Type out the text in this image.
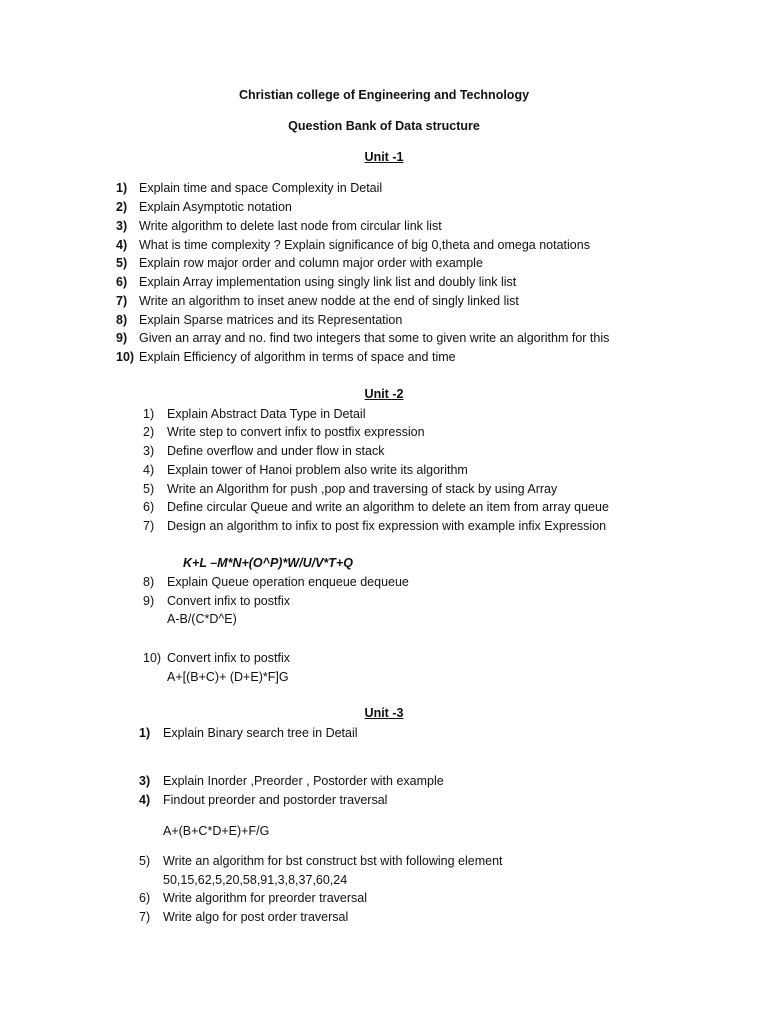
Christian college of Engineering and Technology
Question Bank of Data structure
Unit -1
1) Explain time and space Complexity in Detail
2) Explain Asymptotic notation
3) Write algorithm to delete last node from circular link list
4) What is time complexity ? Explain significance of big 0,theta and omega notations
5) Explain row major order and column major order with example
6) Explain Array implementation using singly link list and doubly link list
7) Write an algorithm to inset anew nodde at the end of singly linked list
8) Explain Sparse matrices and its Representation
9) Given an array and no. find two integers that some to given write an algorithm for this
10) Explain Efficiency of algorithm in terms of space and time
Unit -2
1) Explain Abstract Data Type in Detail
2) Write step to convert infix to postfix expression
3) Define overflow and under flow in stack
4) Explain tower of Hanoi problem also write its algorithm
5) Write an Algorithm for push ,pop and traversing of stack by using Array
6) Define circular Queue and write an algorithm to delete an item from array queue
7) Design an algorithm to infix to post fix expression with example infix Expression
K+L –M*N+(O^P)*W/U/V*T+Q
8) Explain Queue operation enqueue dequeue
9) Convert infix to postfix
A-B/(C*D^E)
10) Convert infix to postfix
A+[(B+C)+ (D+E)*F]G
Unit -3
1) Explain Binary search tree in Detail
3) Explain Inorder ,Preorder , Postorder with example
4) Findout preorder and postorder traversal
A+(B+C*D+E)+F/G
5) Write an algorithm for bst construct bst with following element
50,15,62,5,20,58,91,3,8,37,60,24
6) Write algorithm for preorder traversal
7) Write algo for post order traversal
